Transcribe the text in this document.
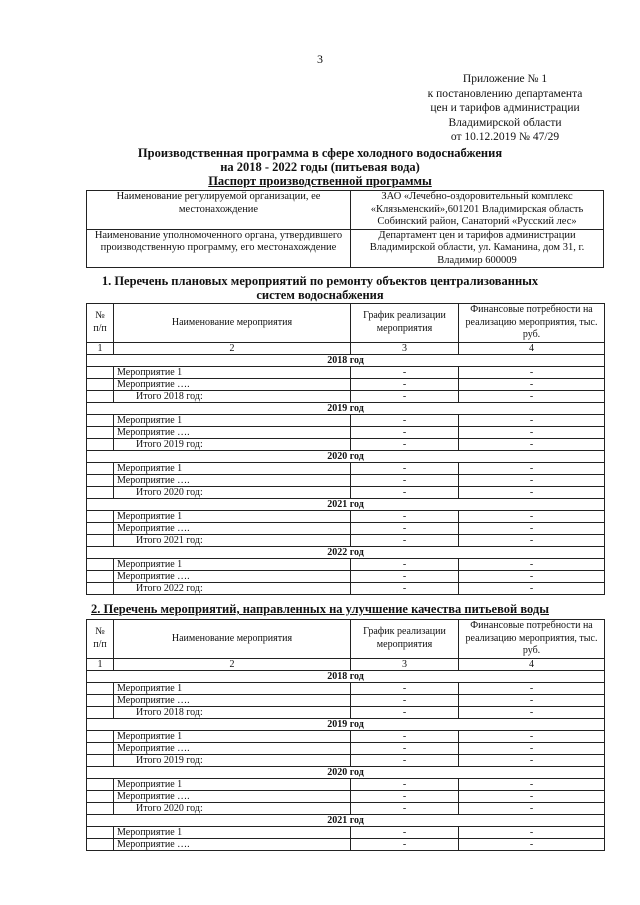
3
Приложение № 1
к постановлению департамента
цен и тарифов администрации
Владимирской области
от 10.12.2019 № 47/29
Производственная программа в сфере холодного водоснабжения
на 2018 - 2022 годы (питьевая вода)
Паспорт производственной программы
Наименование регулируемой организации, ее местонахождение	ЗАО «Лечебно-оздоровительный комплекс «Клязьменский»,601201 Владимирская область Собинский район, Санаторий «Русский лес»
Наименование уполномоченного органа, утвердившего производственную программу, его местонахождение	Департамент цен и тарифов администрации Владимирской области, ул. Каманина, дом 31, г. Владимир 600009
1. Перечень плановых мероприятий по ремонту объектов централизованных
систем водоснабжения
№ п/п	Наименование мероприятия	График реализации мероприятия	Финансовые потребности на реализацию мероприятия, тыс. руб.
1	2	3	4
2018 год			
	Мероприятие 1	-	-
	Мероприятие ….	-	-
	Итого 2018 год:	-	-
2019 год			
	Мероприятие 1	-	-
	Мероприятие ….	-	-
	Итого 2019 год:	-	-
2020 год			
	Мероприятие 1	-	-
	Мероприятие ….	-	-
	Итого 2020 год:	-	-
2021 год			
	Мероприятие 1	-	-
	Мероприятие ….	-	-
	Итого 2021 год:	-	-
2022 год			
	Мероприятие 1	-	-
	Мероприятие ….	-	-
	Итого 2022 год:	-	-
2. Перечень мероприятий, направленных на улучшение качества питьевой воды
№ п/п	Наименование мероприятия	График реализации мероприятия	Финансовые потребности на реализацию мероприятия, тыс. руб.
1	2	3	4
2018 год			
	Мероприятие 1	-	-
	Мероприятие ….	-	-
	Итого 2018 год:	-	-
2019 год			
	Мероприятие 1	-	-
	Мероприятие ….	-	-
	Итого 2019 год:	-	-
2020 год			
	Мероприятие 1	-	-
	Мероприятие ….	-	-
	Итого 2020 год:	-	-
2021 год			
	Мероприятие 1	-	-
	Мероприятие ….	-	-
